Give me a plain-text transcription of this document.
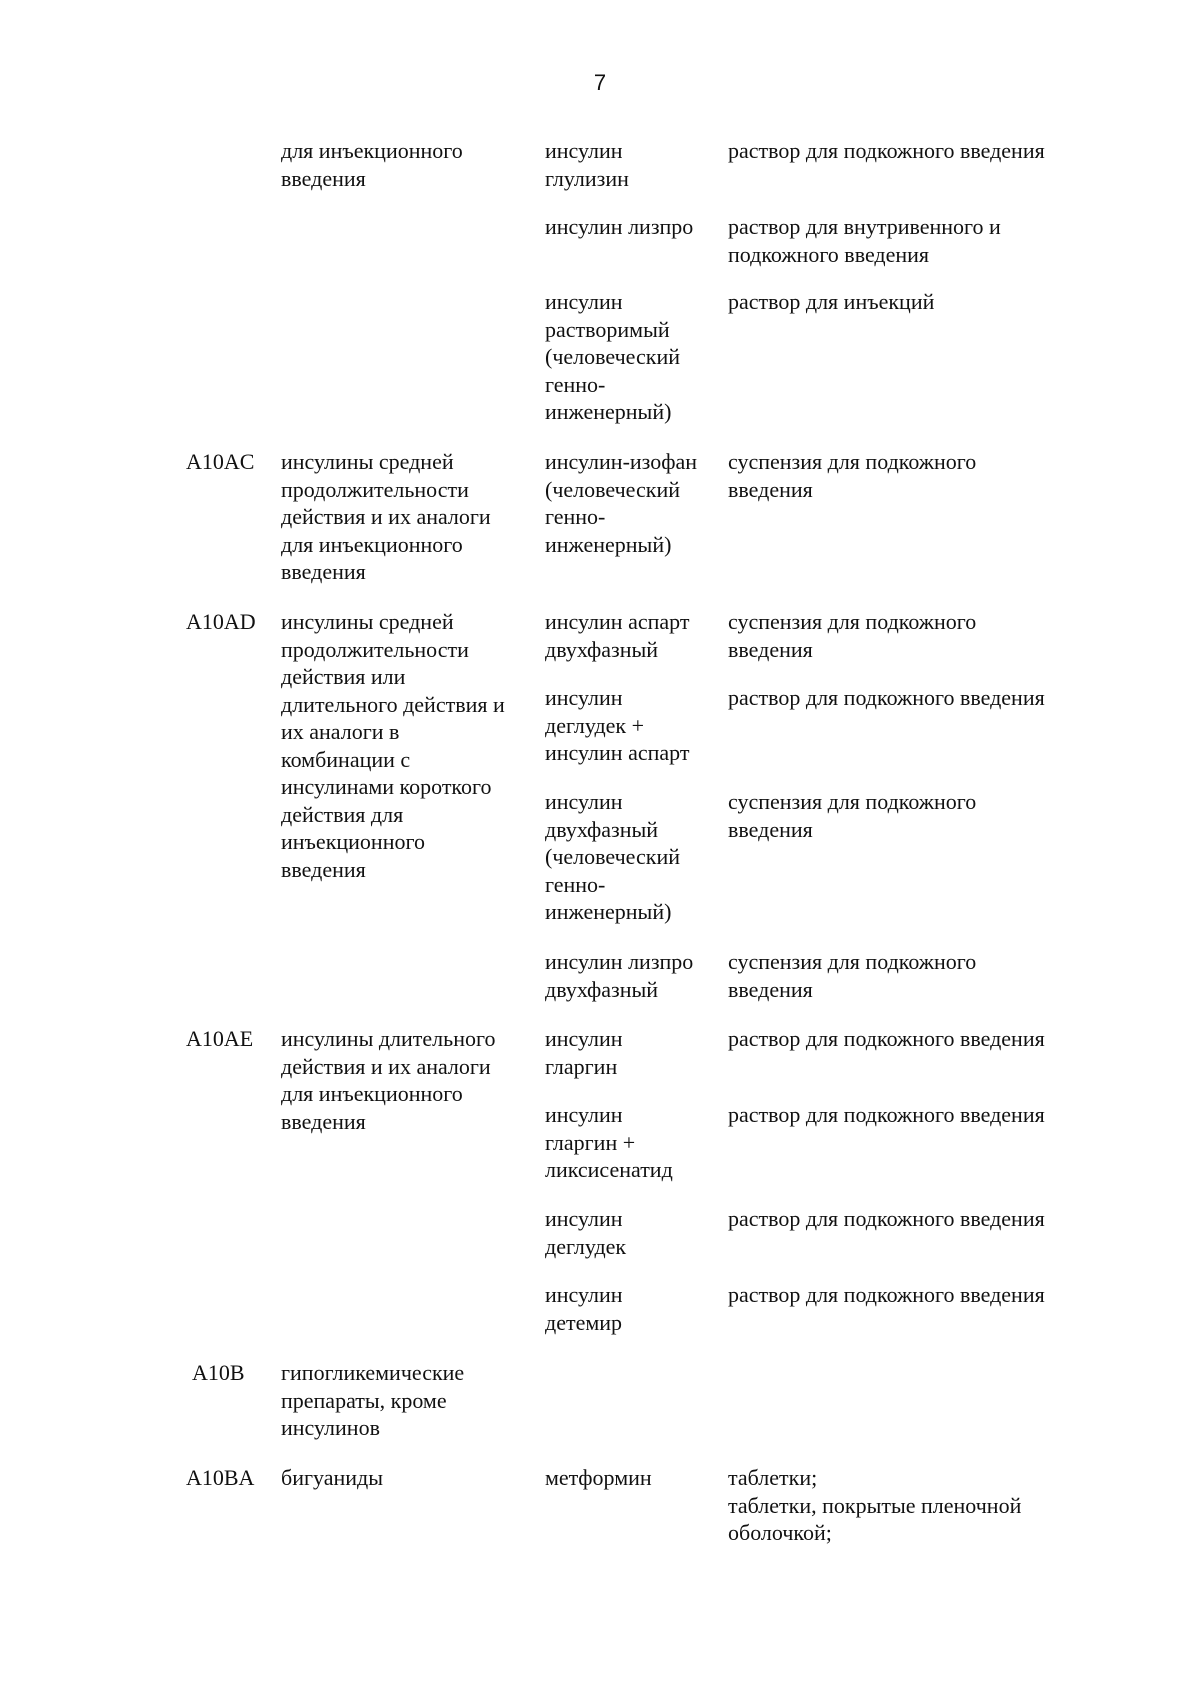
7
для инъекционного
введения
инсулин
глулизин
раствор для подкожного введения
инсулин лизпро раствор для внутривенного и
подкожного введения
инсулин
растворимый
(человеческий
генно-
инженерный)
раствор для инъекций
A10AC инсулины средней
продолжительности
действия и их аналоги
для инъекционного
введения
инсулин-изофан
(человеческий
генно-
инженерный)
суспензия для подкожного
введения
A10AD инсулины средней
продолжительности
действия или
длительного действия и
их аналоги в
комбинации с
инсулинами короткого
действия для
инъекционного
введения
инсулин аспарт
двухфазный
суспензия для подкожного
введения
инсулин
деглудек +
инсулин аспарт
раствор для подкожного введения
инсулин
двухфазный
(человеческий
генно-
инженерный)
суспензия для подкожного
введения
инсулин лизпро
двухфазный
суспензия для подкожного
введения
A10AE инсулины длительного
действия и их аналоги
для инъекционного
введения
инсулин
гларгин
раствор для подкожного введения
инсулин
гларгин +
ликсисенатид
раствор для подкожного введения
инсулин
деглудек
раствор для подкожного введения
инсулин
детемир
раствор для подкожного введения
A10B гипогликемические
препараты, кроме
инсулинов
A10BA бигуаниды	метформин	таблетки;
таблетки, покрытые пленочной
оболочкой;
